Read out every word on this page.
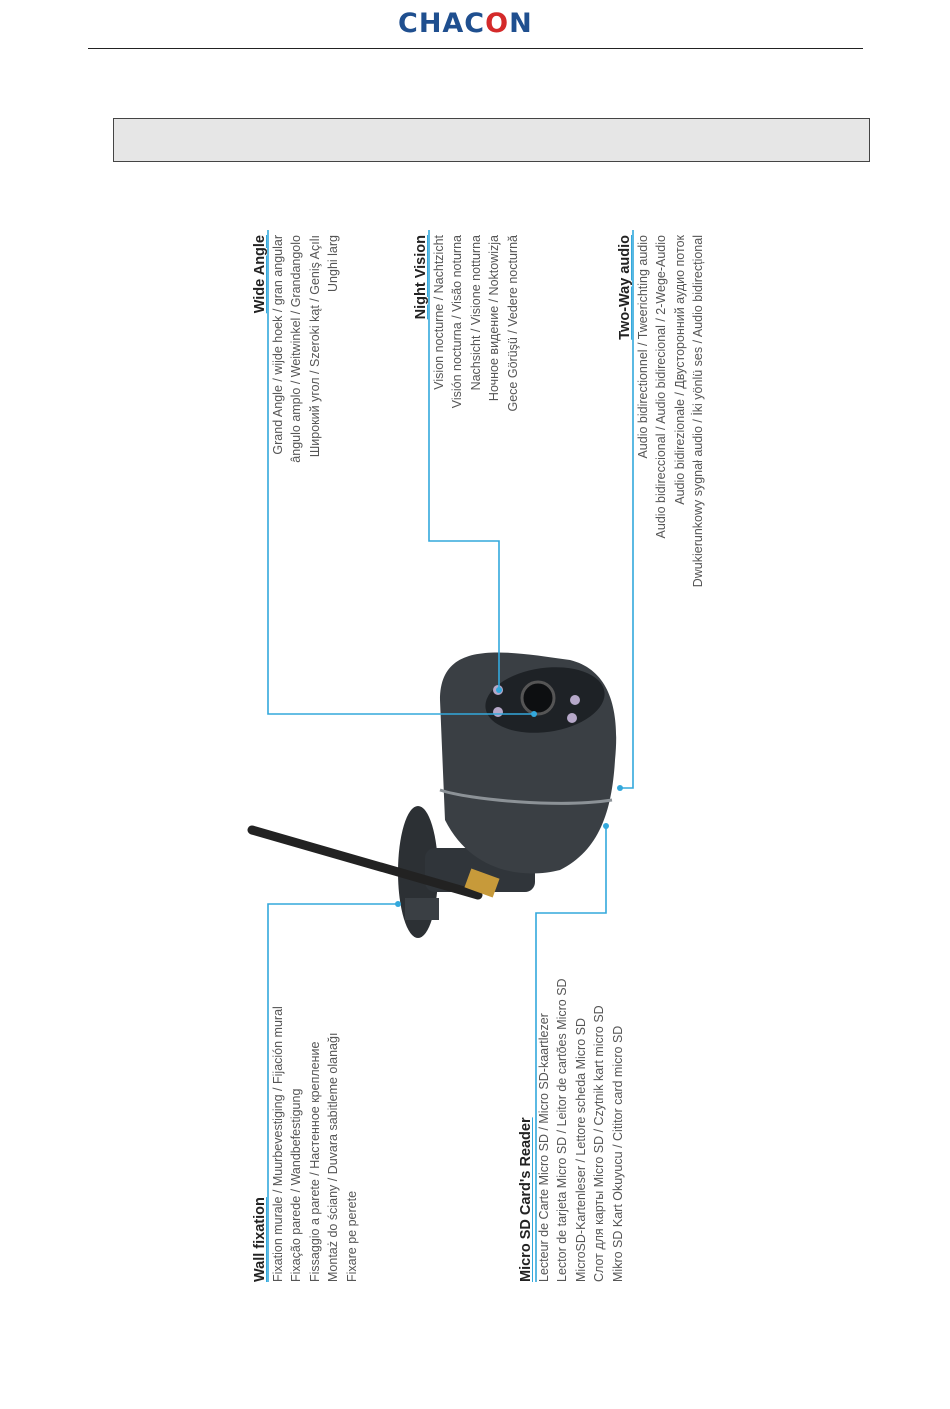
CHACON
Wide Angle Grand Angle / wijde hoek / gran angular ângulo amplo / Weitwinkel / Grandangolo Широкий угол / Szeroki kąt / Geniş Açılı Unghi larg	Night Vision Vision nocturne / Nachtzicht Visión nocturna / Visão noturna Nachsicht / Visione notturna Ночное видение / Noktowizja Gece Görüşü / Vedere nocturnă	Two-Way audio Audio bidirectionnel / Tweerichting audio Audio bidireccional / Audio bidirecional / 2-Wege-Audio Audio bidirezionale / Двусторонний аудио поток Dwukierunkowy sygnał audio / İki yönlü ses / Audio bidirecțional
Wall fixation Fixation murale / Muurbevestiging / Fijación mural Fixação parede / Wandbefestigung Fissaggio a parete / Настенное крепление Montaż do ściany / Duvara sabitleme olanağı Fixare pe perete	Micro SD Card's Reader Lecteur de Carte Micro SD / Micro SD-kaartlezer Lector de tarjeta Micro SD / Leitor de cartões Micro SD MicroSD-Kartenleser / Lettore scheda Micro SD Слот для карты Micro SD / Czytnik kart micro SD Mikro SD Kart Okuyucu / Cititor card micro SD
